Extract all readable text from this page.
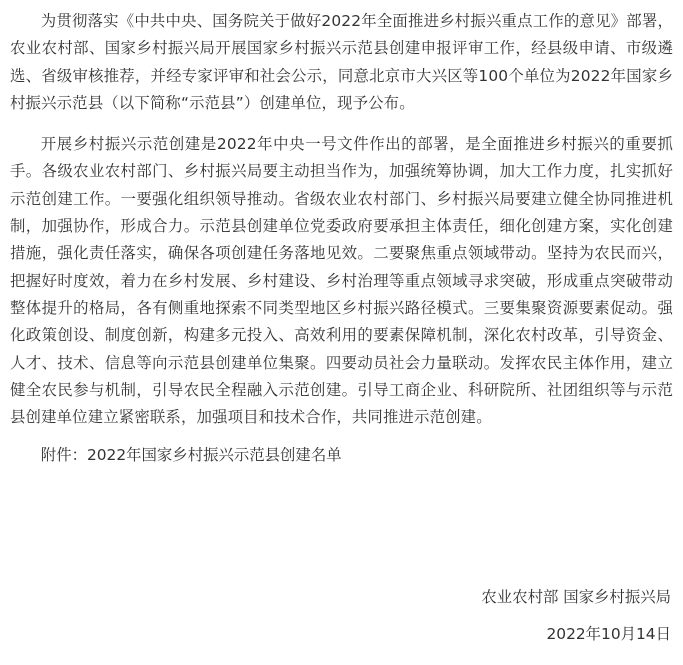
为贯彻落实《中共中央、国务院关于做好2022年全面推进乡村振兴重点工作的意见》部署，农业农村部、国家乡村振兴局开展国家乡村振兴示范县创建申报评审工作，经县级申请、市级遴选、省级审核推荐，并经专家评审和社会公示，同意北京市大兴区等100个单位为2022年国家乡村振兴示范县（以下简称“示范县”）创建单位，现予公布。

开展乡村振兴示范创建是2022年中央一号文件作出的部署，是全面推进乡村振兴的重要抓手。各级农业农村部门、乡村振兴局要主动担当作为，加强统筹协调，加大工作力度，扎实抓好示范创建工作。一要强化组织领导推动。省级农业农村部门、乡村振兴局要建立健全协同推进机制，加强协作，形成合力。示范县创建单位党委政府要承担主体责任，细化创建方案，实化创建措施，强化责任落实，确保各项创建任务落地见效。二要聚焦重点领域带动。坚持为农民而兴，把握好时度效，着力在乡村发展、乡村建设、乡村治理等重点领域寻求突破，形成重点突破带动整体提升的格局，各有侧重地探索不同类型地区乡村振兴路径模式。三要集聚资源要素促动。强化政策创设、制度创新，构建多元投入、高效利用的要素保障机制，深化农村改革，引导资金、人才、技术、信息等向示范县创建单位集聚。四要动员社会力量联动。发挥农民主体作用，建立健全农民参与机制，引导农民全程融入示范创建。引导工商企业、科研院所、社团组织等与示范县创建单位建立紧密联系，加强项目和技术合作，共同推进示范创建。

附件：2022年国家乡村振兴示范县创建名单

农业农村部 国家乡村振兴局
2022年10月14日
